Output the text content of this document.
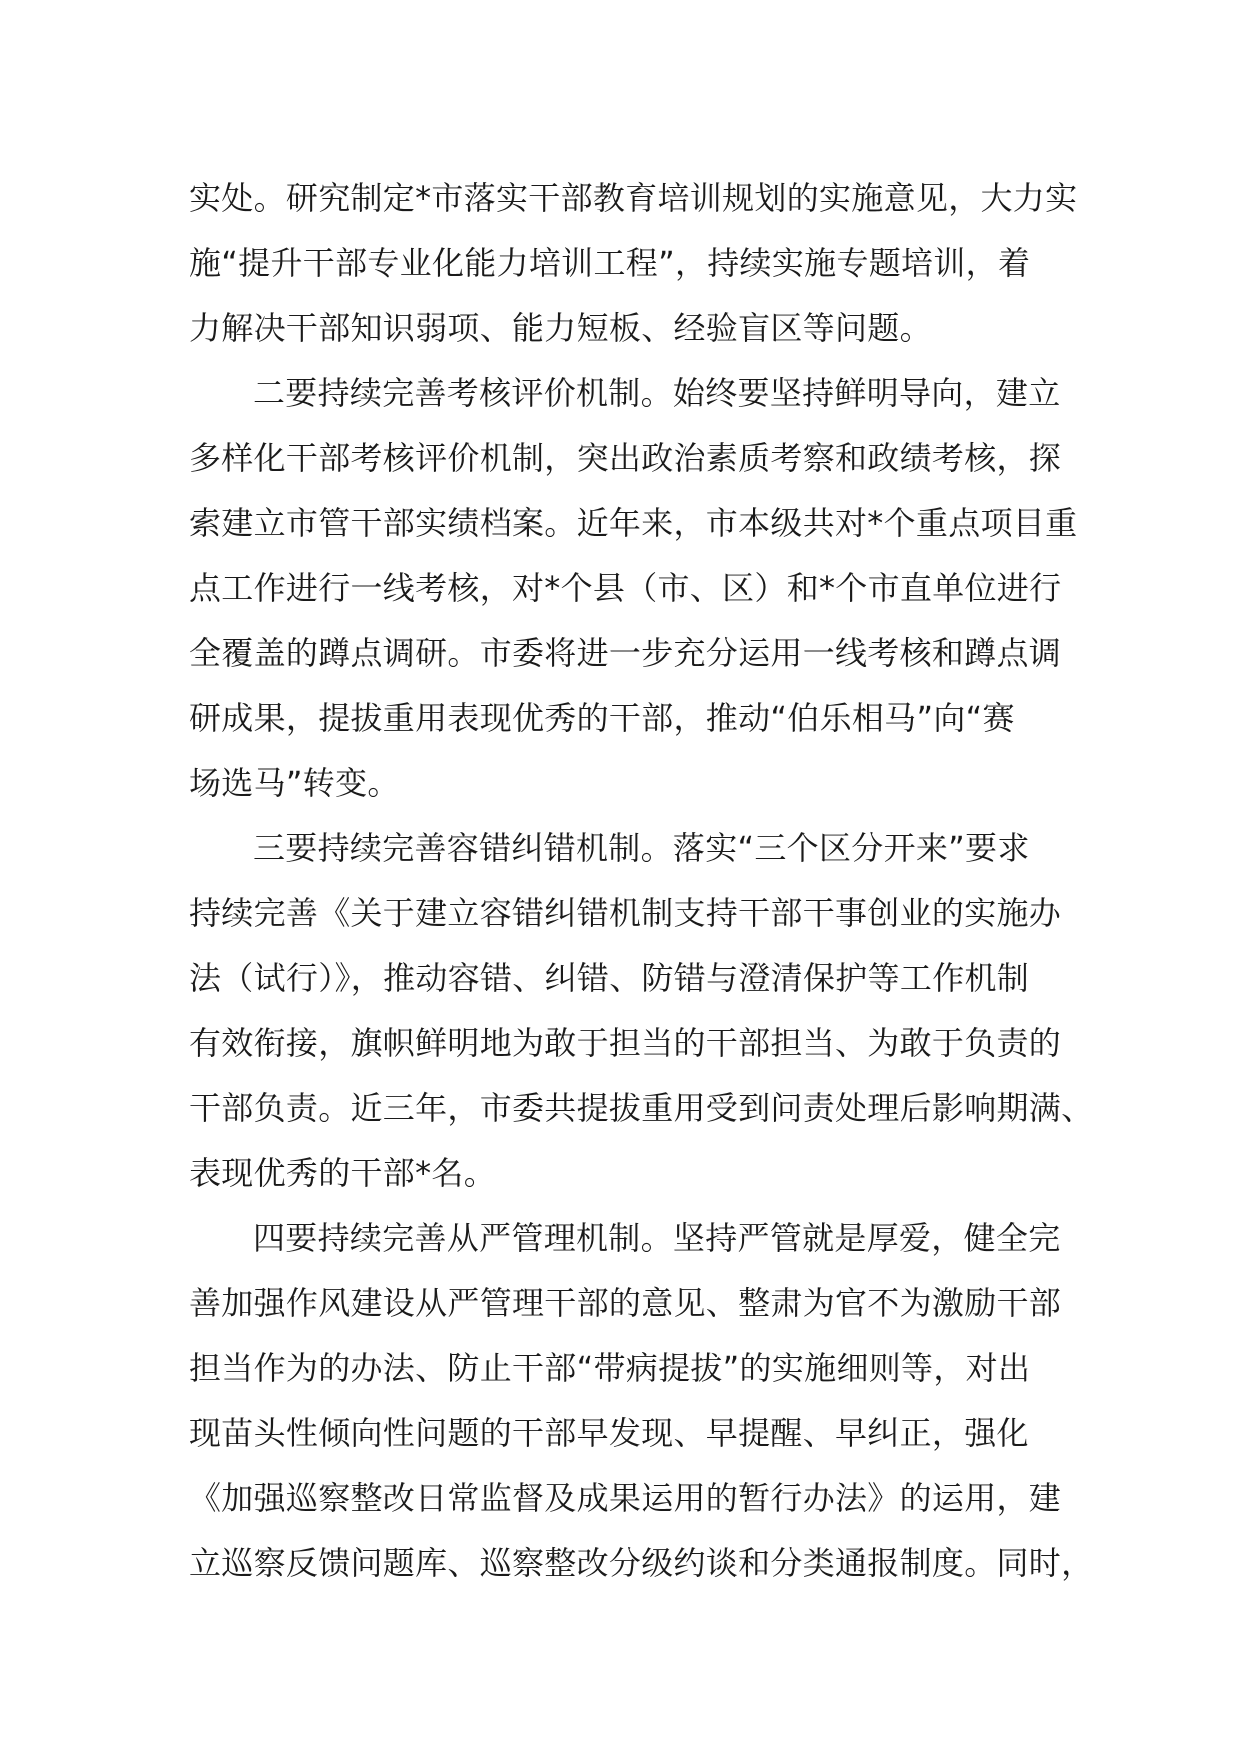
实处。研究制定*市落实干部教育培训规划的实施意见，大力实
施“提升干部专业化能力培训工程”，持续实施专题培训，着
力解决干部知识弱项、能力短板、经验盲区等问题。
二要持续完善考核评价机制。始终要坚持鲜明导向，建立
多样化干部考核评价机制，突出政治素质考察和政绩考核，探
索建立市管干部实绩档案。近年来，市本级共对*个重点项目重
点工作进行一线考核，对*个县（市、区）和*个市直单位进行
全覆盖的蹲点调研。市委将进一步充分运用一线考核和蹲点调
研成果，提拔重用表现优秀的干部，推动“伯乐相马”向“赛
场选马”转变。
三要持续完善容错纠错机制。落实“三个区分开来”要求
持续完善《关于建立容错纠错机制支持干部干事创业的实施办
法（试行）》，推动容错、纠错、防错与澄清保护等工作机制
有效衔接，旗帜鲜明地为敢于担当的干部担当、为敢于负责的
干部负责。近三年，市委共提拔重用受到问责处理后影响期满、
表现优秀的干部*名。
四要持续完善从严管理机制。坚持严管就是厚爱，健全完
善加强作风建设从严管理干部的意见、整肃为官不为激励干部
担当作为的办法、防止干部“带病提拔”的实施细则等，对出
现苗头性倾向性问题的干部早发现、早提醒、早纠正，强化
《加强巡察整改日常监督及成果运用的暂行办法》的运用，建
立巡察反馈问题库、巡察整改分级约谈和分类通报制度。同时，
